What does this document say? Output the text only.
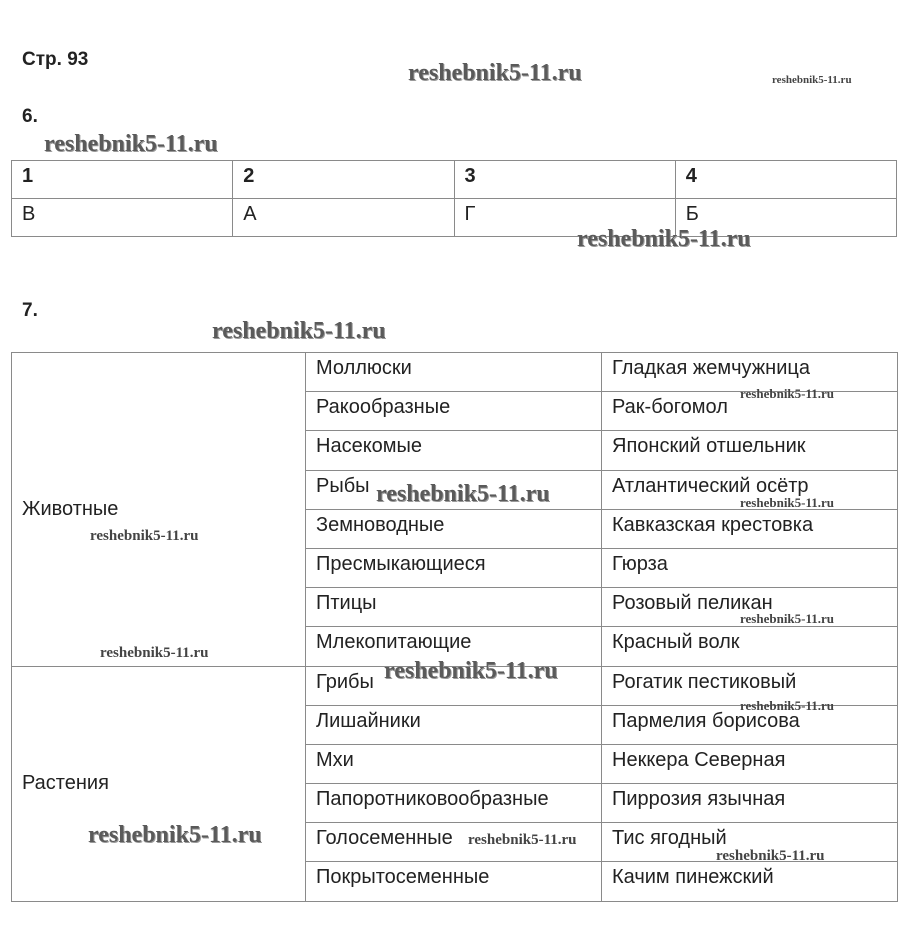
Стр. 93
6.
1	2	3	4
В	А	Г	Б
7.
Животные	Моллюски	Гладкая жемчужница
	Ракообразные	Рак-богомол
	Насекомые	Японский отшельник
	Рыбы	Атлантический осётр
	Земноводные	Кавказская крестовка
	Пресмыкающиеся	Гюрза
	Птицы	Розовый пеликан
	Млекопитающие	Красный волк
Растения	Грибы	Рогатик пестиковый
	Лишайники	Пармелия борисова
	Мхи	Неккера Северная
	Папоротниковообразные	Пиррозия язычная
	Голосеменные	Тис ягодный
	Покрытосеменные	Качим пинежский
reshebnik5-11.ru	reshebnik5-11.ru
reshebnik5-11.ru
reshebnik5-11.ru
reshebnik5-11.ru
reshebnik5-11.ru
reshebnik5-11.ru	reshebnik5-11.ru
reshebnik5-11.ru
reshebnik5-11.ru
reshebnik5-11.ru
reshebnik5-11.ru
reshebnik5-11.ru
reshebnik5-11.ru	reshebnik5-11.ru
reshebnik5-11.ru
